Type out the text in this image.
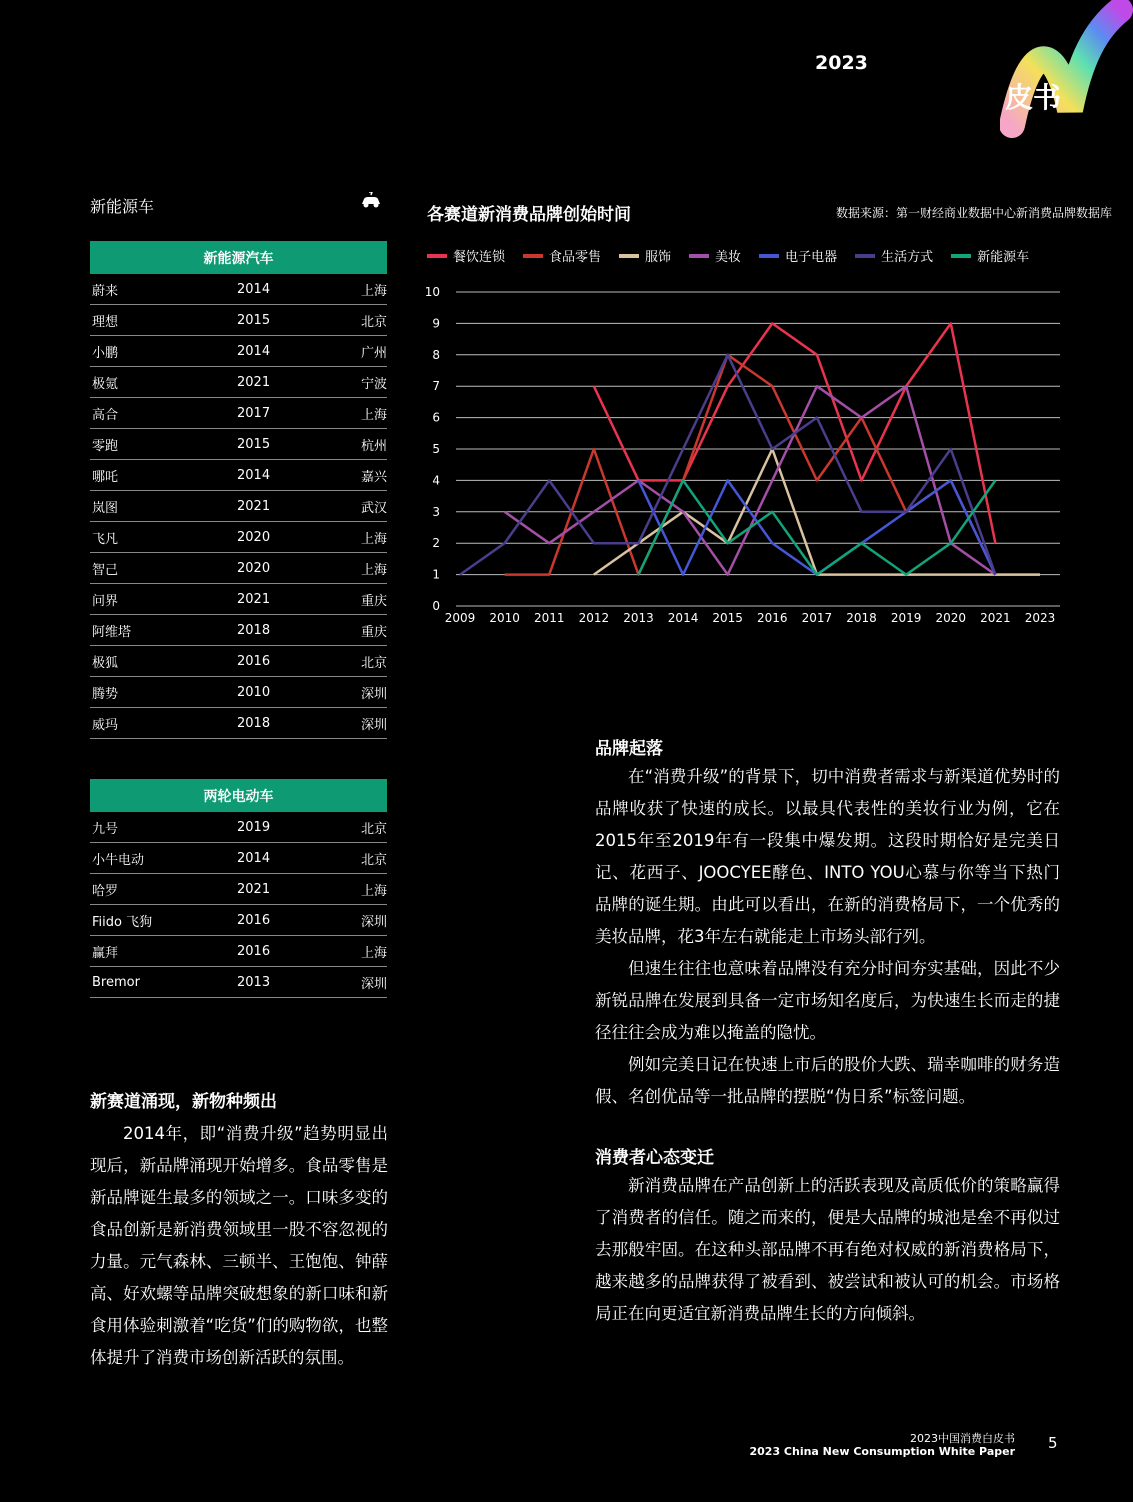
2023
皮书
新能源车
新能源汽车		
蔚来	2014	上海
理想	2015	北京
小鹏	2014	广州
极氪	2021	宁波
高合	2017	上海
零跑	2015	杭州
哪吒	2014	嘉兴
岚图	2021	武汉
飞凡	2020	上海
智己	2020	上海
问界	2021	重庆
阿维塔	2018	重庆
极狐	2016	北京
腾势	2010	深圳
威玛	2018	深圳
两轮电动车		
九号	2019	北京
小牛电动	2014	北京
哈罗	2021	上海
Fiido 飞狗	2016	深圳
赢拜	2016	上海
Bremor	2013	深圳

新赛道涌现，新物种频出

2014年，即“消费升级”趋势明显出现后，新品牌涌现开始增多。食品零售是新品牌诞生最多的领域之一。口味多变的食品创新是新消费领域里一股不容忽视的力量。元气森林、三顿半、王饱饱、钟薛高、好欢螺等品牌突破想象的新口味和新食用体验刺激着“吃货”们的购物欲，也整体提升了消费市场创新活跃的氛围。

各赛道新消费品牌创始时间	数据来源：第一财经商业数据中心新消费品牌数据库
餐饮连锁	食品零售	服饰	美妆	电子电器	生活方式	新能源车
0
1
2
3
4
5
6
7
8
9
10
2009 2010 2011 2012 2013 2014 2015 2016 2017 2018 2019 2020 2021 2023

品牌起落

在“消费升级”的背景下，切中消费者需求与新渠道优势时的品牌收获了快速的成长。以最具代表性的美妆行业为例，它在2015年至2019年有一段集中爆发期。这段时期恰好是完美日记、花西子、JOOCYEE酵色、INTO YOU心慕与你等当下热门品牌的诞生期。由此可以看出，在新的消费格局下，一个优秀的美妆品牌，花3年左右就能走上市场头部行列。

但速生往往也意味着品牌没有充分时间夯实基础，因此不少新锐品牌在发展到具备一定市场知名度后，为快速生长而走的捷径往往会成为难以掩盖的隐忧。

例如完美日记在快速上市后的股价大跌、瑞幸咖啡的财务造假、名创优品等一批品牌的摆脱“伪日系”标签问题。

消费者心态变迁

新消费品牌在产品创新上的活跃表现及高质低价的策略赢得了消费者的信任。随之而来的，便是大品牌的城池是垒不再似过去那般牢固。在这种头部品牌不再有绝对权威的新消费格局下，越来越多的品牌获得了被看到、被尝试和被认可的机会。市场格局正在向更适宜新消费品牌生长的方向倾斜。

2023中国消费白皮书
2023 China New Consumption White Paper 5
